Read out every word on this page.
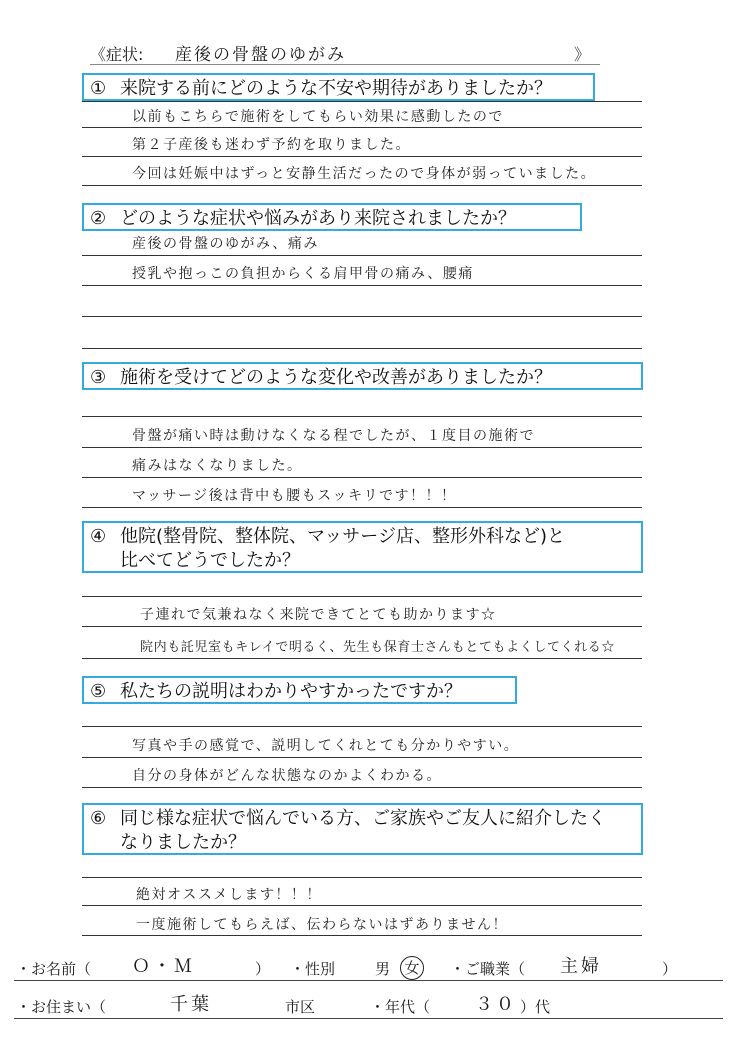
《症状: 産後の骨盤のゆがみ	》
① 来院する前にどのような不安や期待がありましたか？
以前もこちらで施術をしてもらい効果に感動したので
第２子産後も迷わず予約を取りました。
今回は妊娠中はずっと安静生活だったので身体が弱っていました。
② どのような症状や悩みがあり来院されましたか？
産後の骨盤のゆがみ、痛み
授乳や抱っこの負担からくる肩甲骨の痛み、腰痛
③ 施術を受けてどのような変化や改善がありましたか？
骨盤が痛い時は動けなくなる程でしたが、１度目の施術で
痛みはなくなりました。
マッサージ後は背中も腰もスッキリです！！！
④ 他院(整骨院、整体院、マッサージ店、整形外科など)と
比べてどうでしたか？
子連れで気兼ねなく来院できてとても助かります☆
院内も託児室もキレイで明るく、先生も保育士さんもとてもよくしてくれる☆
⑤ 私たちの説明はわかりやすかったですか？
写真や手の感覚で、説明してくれとても分かりやすい。
自分の身体がどんな状態なのかよくわかる。
⑥ 同じ様な症状で悩んでいる方、ご家族やご友人に紹介したく
なりましたか？
絶対オススメします！！！
一度施術してもらえば、伝わらないはずありません！
・お名前（ Ｏ・Ｍ	） ・性別	男 女	・ご職業（ 主婦	）
・お住まい（	千葉	市区	・年代（ ３０ ）代
